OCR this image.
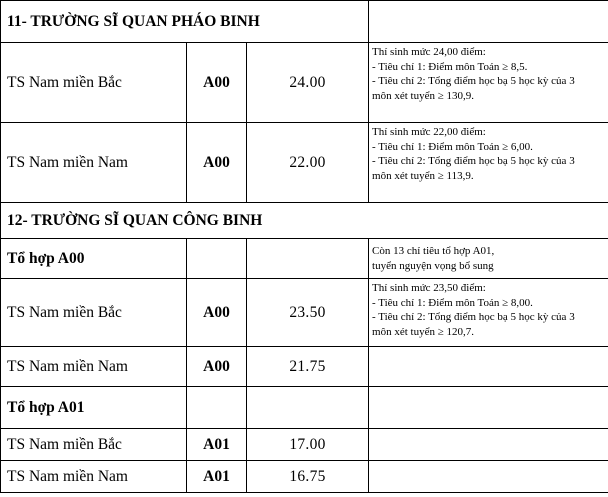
11- TRƯỜNG SĨ QUAN PHÁO BINH			
TS Nam miền Bắc	A00	24.00	Thí sinh mức 24,00 điểm:
- Tiêu chí 1: Điểm môn Toán ≥ 8,5.
- Tiêu chí 2: Tổng điểm học bạ 5 học kỳ của 3
môn xét tuyển ≥ 130,9.

TS Nam miền Nam	A00	22.00	Thí sinh mức 22,00 điểm:
- Tiêu chí 1: Điểm môn Toán ≥ 6,00.
- Tiêu chí 2: Tổng điểm học bạ 5 học kỳ của 3
môn xét tuyển ≥ 113,9.

12- TRƯỜNG SĨ QUAN CÔNG BINH			
Tổ hợp A00			Còn 13 chỉ tiêu tổ hợp A01,
tuyển nguyện vọng bổ sung

TS Nam miền Bắc	A00	23.50	Thí sinh mức 23,50 điểm:
- Tiêu chí 1: Điểm môn Toán ≥ 8,00.
- Tiêu chí 2: Tổng điểm học bạ 5 học kỳ của 3
môn xét tuyển ≥ 120,7.

TS Nam miền Nam	A00	21.75	
Tổ hợp A01			
TS Nam miền Bắc	A01	17.00	
TS Nam miền Nam	A01	16.75	
